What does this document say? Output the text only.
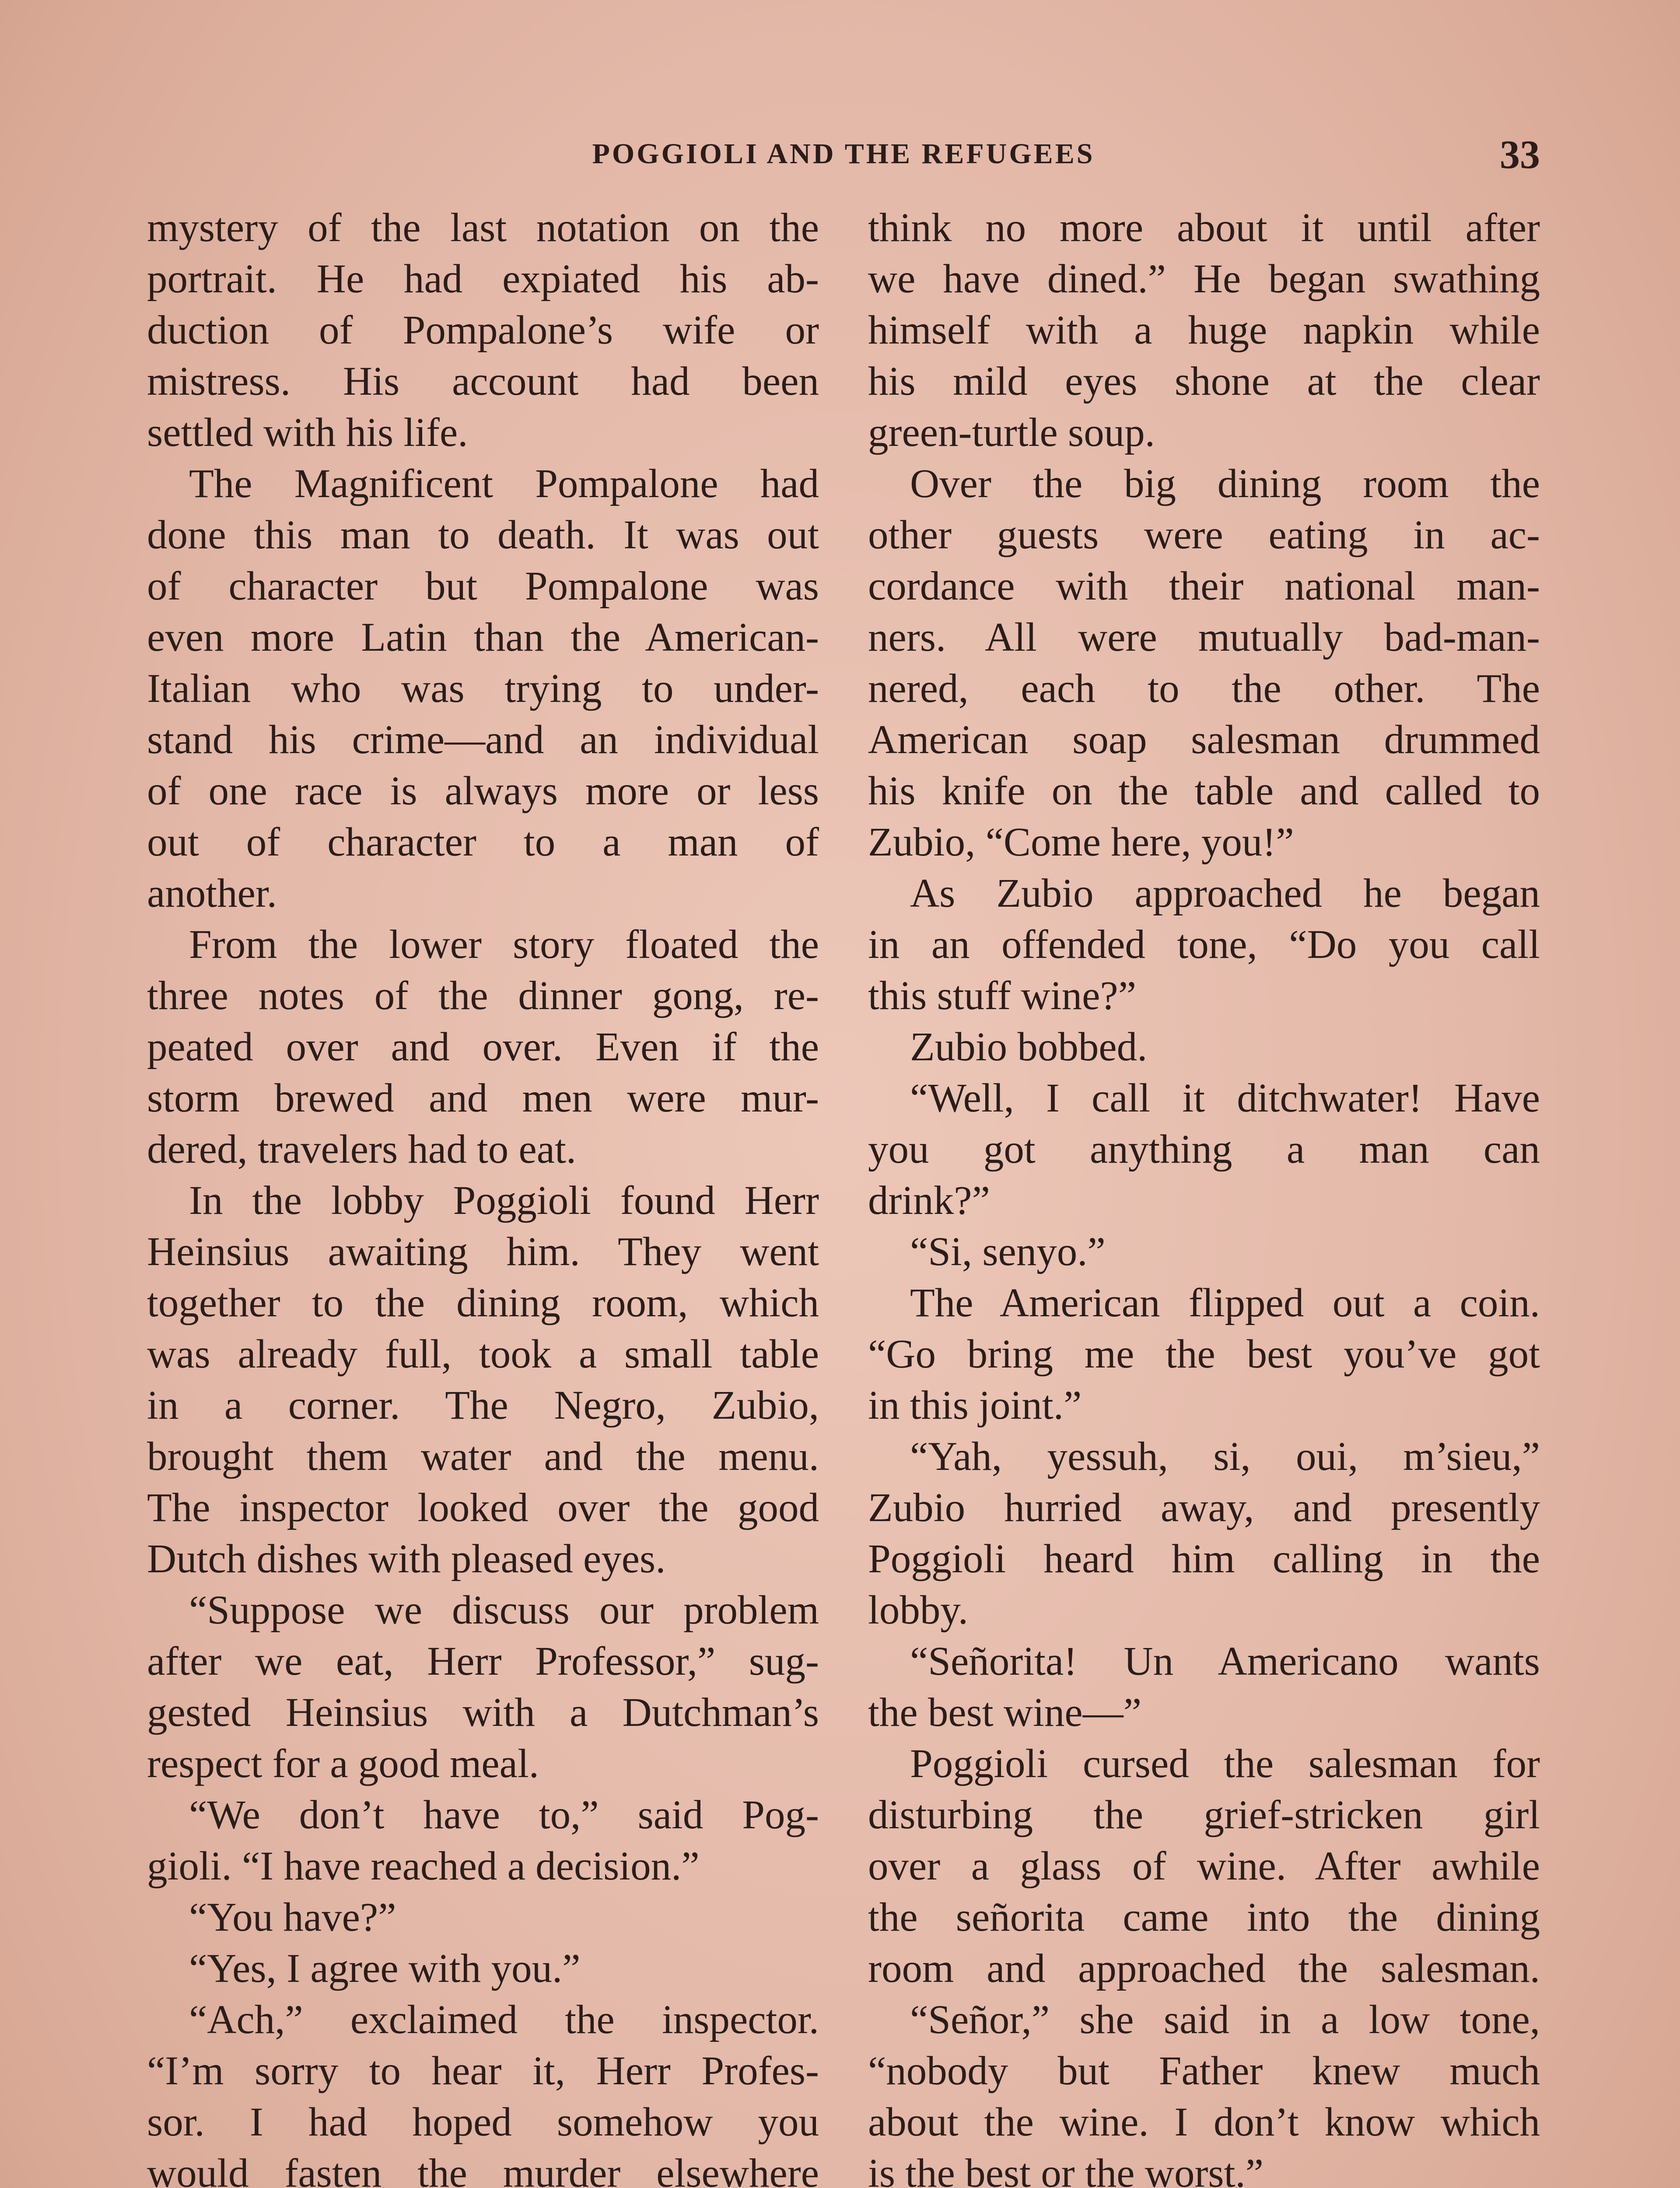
POGGIOLI AND THE REFUGEES	33
mystery of the last notation on the
portrait. He had expiated his ab-
duction of Pompalone’s wife or
mistress. His account had been
settled with his life.
The Magnificent Pompalone had
done this man to death. It was out
of character but Pompalone was
even more Latin than the American-
Italian who was trying to under-
stand his crime—and an individual
of one race is always more or less
out of character to a man of
another.
From the lower story floated the
three notes of the dinner gong, re-
peated over and over. Even if the
storm brewed and men were mur-
dered, travelers had to eat.
In the lobby Poggioli found Herr
Heinsius awaiting him. They went
together to the dining room, which
was already full, took a small table
in a corner. The Negro, Zubio,
brought them water and the menu.
The inspector looked over the good
Dutch dishes with pleased eyes.
“Suppose we discuss our problem
after we eat, Herr Professor,” sug-
gested Heinsius with a Dutchman’s
respect for a good meal.
“We don’t have to,” said Pog-
gioli. “I have reached a decision.”
“You have?”
“Yes, I agree with you.”
“Ach,” exclaimed the inspector.
“I’m sorry to hear it, Herr Profes-
sor. I had hoped somehow you
would fasten the murder elsewhere
think no more about it until after
we have dined.” He began swathing
himself with a huge napkin while
his mild eyes shone at the clear
green-turtle soup.
Over the big dining room the
other guests were eating in ac-
cordance with their national man-
ners. All were mutually bad-man-
nered, each to the other. The
American soap salesman drummed
his knife on the table and called to
Zubio, “Come here, you!”
As Zubio approached he began
in an offended tone, “Do you call
this stuff wine?”
Zubio bobbed.
“Well, I call it ditchwater! Have
you got anything a man can
drink?”
“Si, senyo.”
The American flipped out a coin.
“Go bring me the best you’ve got
in this joint.”
“Yah, yessuh, si, oui, m’sieu,”
Zubio hurried away, and presently
Poggioli heard him calling in the
lobby.
“Señorita! Un Americano wants
the best wine—”
Poggioli cursed the salesman for
disturbing the grief-stricken girl
over a glass of wine. After awhile
the señorita came into the dining
room and approached the salesman.
“Señor,” she said in a low tone,
“nobody but Father knew much
about the wine. I don’t know which
is the best or the worst.”
